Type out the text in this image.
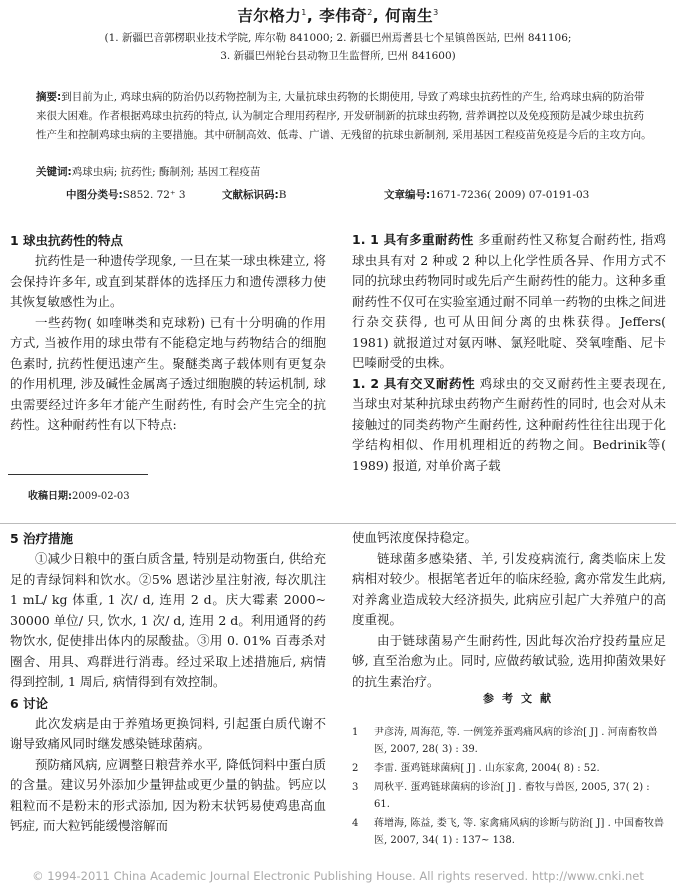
吉尔格力$^1$, 李伟奇$^2$, 何南生$^3$
(1. 新疆巴音郭楞职业技术学院, 库尔勒 841000; 2. 新疆巴州焉耆县七个星镇兽医站, 巴州 841106;
3. 新疆巴州轮台县动物卫生监督所, 巴州 841600)
摘要:到目前为止, 鸡球虫病的防治仍以药物控制为主, 大量抗球虫药物的长期使用, 导致了鸡球虫抗药性的产生, 给鸡球虫病的防治带来很大困难。作者根据鸡球虫抗药的特点, 认为制定合理用药程序, 开发研制新的抗球虫药物, 营养调控以及免疫预防是减少球虫抗药性产生和控制鸡球虫病的主要措施。其中研制高效、低毒、广谱、无残留的抗球虫新制剂, 采用基因工程疫苗免疫是今后的主攻方向。
关键词:鸡球虫病; 抗药性; 酶制剂; 基因工程疫苗
中图分类号:S852. 72⁺ 3	文献标识码:B	文章编号:1671-7236( 2009) 07-0191-03
1 球虫抗药性的特点

抗药性是一种遗传学现象, 一旦在某一球虫株建立, 将会保持许多年, 或直到某群体的选择压力和遗传漂移力使其恢复敏感性为止。

一些药物( 如喹啉类和克球粉) 已有十分明确的作用方式, 当被作用的球虫带有不能稳定地与药物结合的细胞色素时, 抗药性便迅速产生。聚醚类离子载体则有更复杂的作用机理, 涉及碱性金属离子透过细胞膜的转运机制, 球虫需要经过许多年才能产生耐药性, 有时会产生完全的抗药性。这种耐药性有以下特点:

收稿日期:2009-02-03

1. 1 具有多重耐药性 多重耐药性又称复合耐药性, 指鸡球虫具有对 2 种或 2 种以上化学性质各异、作用方式不同的抗球虫药物同时或先后产生耐药性的能力。这种多重耐药性不仅可在实验室通过耐不同单一药物的虫株之间进行杂交获得, 也可从田间分离的虫株获得。Jeffers( 1981) 就报道过对氨丙啉、氯羟吡啶、癸氧喹酯、尼卡巴嗪耐受的虫株。

1. 2 具有交叉耐药性 鸡球虫的交叉耐药性主要表现在, 当球虫对某种抗球虫药物产生耐药性的同时, 也会对从未接触过的同类药物产生耐药性, 这种耐药性往往出现于化学结构相似、作用机理相近的药物之间。Bedrinik等( 1989) 报道, 对单价离子载

5 治疗措施

①减少日粮中的蛋白质含量, 特别是动物蛋白, 供给充足的青绿饲料和饮水。②5% 恩诺沙星注射液, 每次肌注 1 mL/ kg 体重, 1 次/ d, 连用 2 d。庆大霉素 2000~ 30000 单位/ 只, 饮水, 1 次/ d, 连用 2 d。利用通肾的药物饮水, 促使排出体内的尿酸盐。③用 0. 01% 百毒杀对圈舍、用具、鸡群进行消毒。经过采取上述措施后, 病情得到控制, 1 周后, 病情得到有效控制。

6 讨论

此次发病是由于养殖场更换饲料, 引起蛋白质代谢不谢导致痛风同时继发感染链球菌病。

预防痛风病, 应调整日粮营养水平, 降低饲料中蛋白质的含量。建议另外添加少量钾盐或更少量的钠盐。钙应以粗粒而不是粉末的形式添加, 因为粉末状钙易使鸡患高血钙症, 而大粒钙能缓慢溶解而

使血钙浓度保持稳定。

链球菌多感染猪、羊, 引发疫病流行, 禽类临床上发病相对较少。根据笔者近年的临床经验, 禽亦常发生此病, 对养禽业造成较大经济损失, 此病应引起广大养殖户的高度重视。

由于链球菌易产生耐药性, 因此每次治疗投药量应足够, 直至治愈为止。同时, 应做药敏试验, 选用抑菌效果好的抗生素治疗。

参考文献
1	尹彦涛, 周海范, 等. 一例笼养蛋鸡痛风病的诊治[ J] . 河南畜牧兽医, 2007, 28( 3) : 39.
2	李雷. 蛋鸡链球菌病[ J] . 山东家禽, 2004( 8) : 52.
3	周秋平. 蛋鸡链球菌病的诊治[ J] . 畜牧与兽医, 2005, 37( 2) : 61.
4	蒋增海, 陈益, 娄飞, 等. 家禽痛风病的诊断与防治[ J] . 中国畜牧兽医, 2007, 34( 1) : 137~ 138.
© 1994-2011 China Academic Journal Electronic Publishing House. All rights reserved. http://www.cnki.net
